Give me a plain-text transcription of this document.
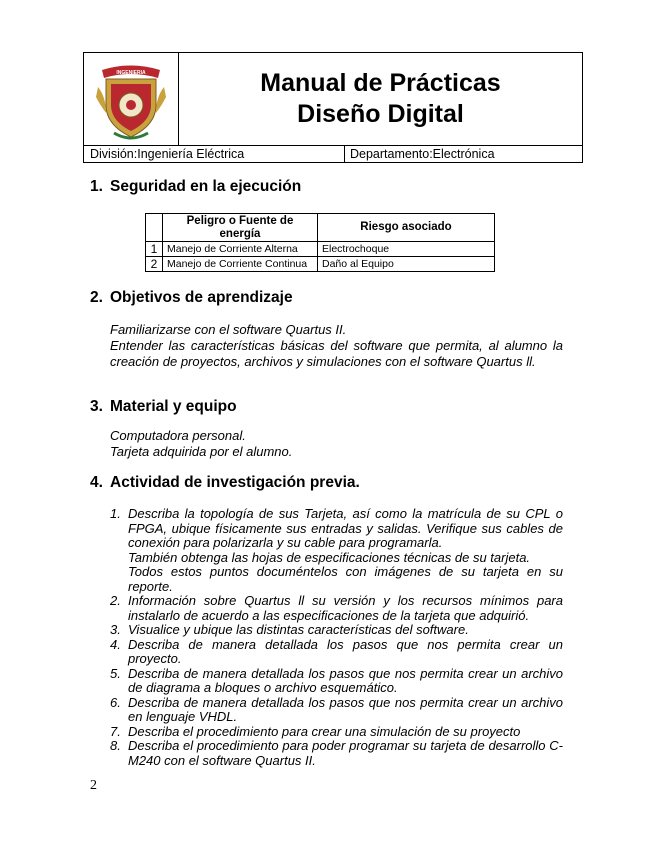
INGENIERIA	Manual de Prácticas
Diseño Digital
División:Ingeniería Eléctrica	Departamento:Electrónica
1. Seguridad en la ejecución
	Peligro o Fuente de energía	Riesgo asociado
1	Manejo de Corriente Alterna	Electrochoque
2	Manejo de Corriente Continua	Daño al Equipo
2. Objetivos de aprendizaje

Familiarizarse con el software Quartus II.

Entender las características básicas del software que permita, al alumno la creación de proyectos, archivos y simulaciones con el software Quartus ll.

3. Material y equipo

Computadora personal.

Tarjeta adquirida por el alumno.

4. Actividad de investigación previa.
1. Describa la topología de sus Tarjeta, así como la matrícula de su CPL o FPGA, ubique físicamente sus entradas y salidas. Verifique sus cables de conexión para polarizarla y su cable para programarla.
También obtenga las hojas de especificaciones técnicas de su tarjeta.
Todos estos puntos documéntelos con imágenes de su tarjeta en su reporte.
2. Información sobre Quartus ll su versión y los recursos mínimos para instalarlo de acuerdo a las especificaciones de la tarjeta que adquirió.
3. Visualice y ubique las distintas características del software.
4. Describa de manera detallada los pasos que nos permita crear un proyecto.
5. Describa de manera detallada los pasos que nos permita crear un archivo de diagrama a bloques o archivo esquemático.
6. Describa de manera detallada los pasos que nos permita crear un archivo en lenguaje VHDL.
7. Describa el procedimiento para crear una simulación de su proyecto
8. Describa el procedimiento para poder programar su tarjeta de desarrollo C-M240 con el software Quartus II.
2
